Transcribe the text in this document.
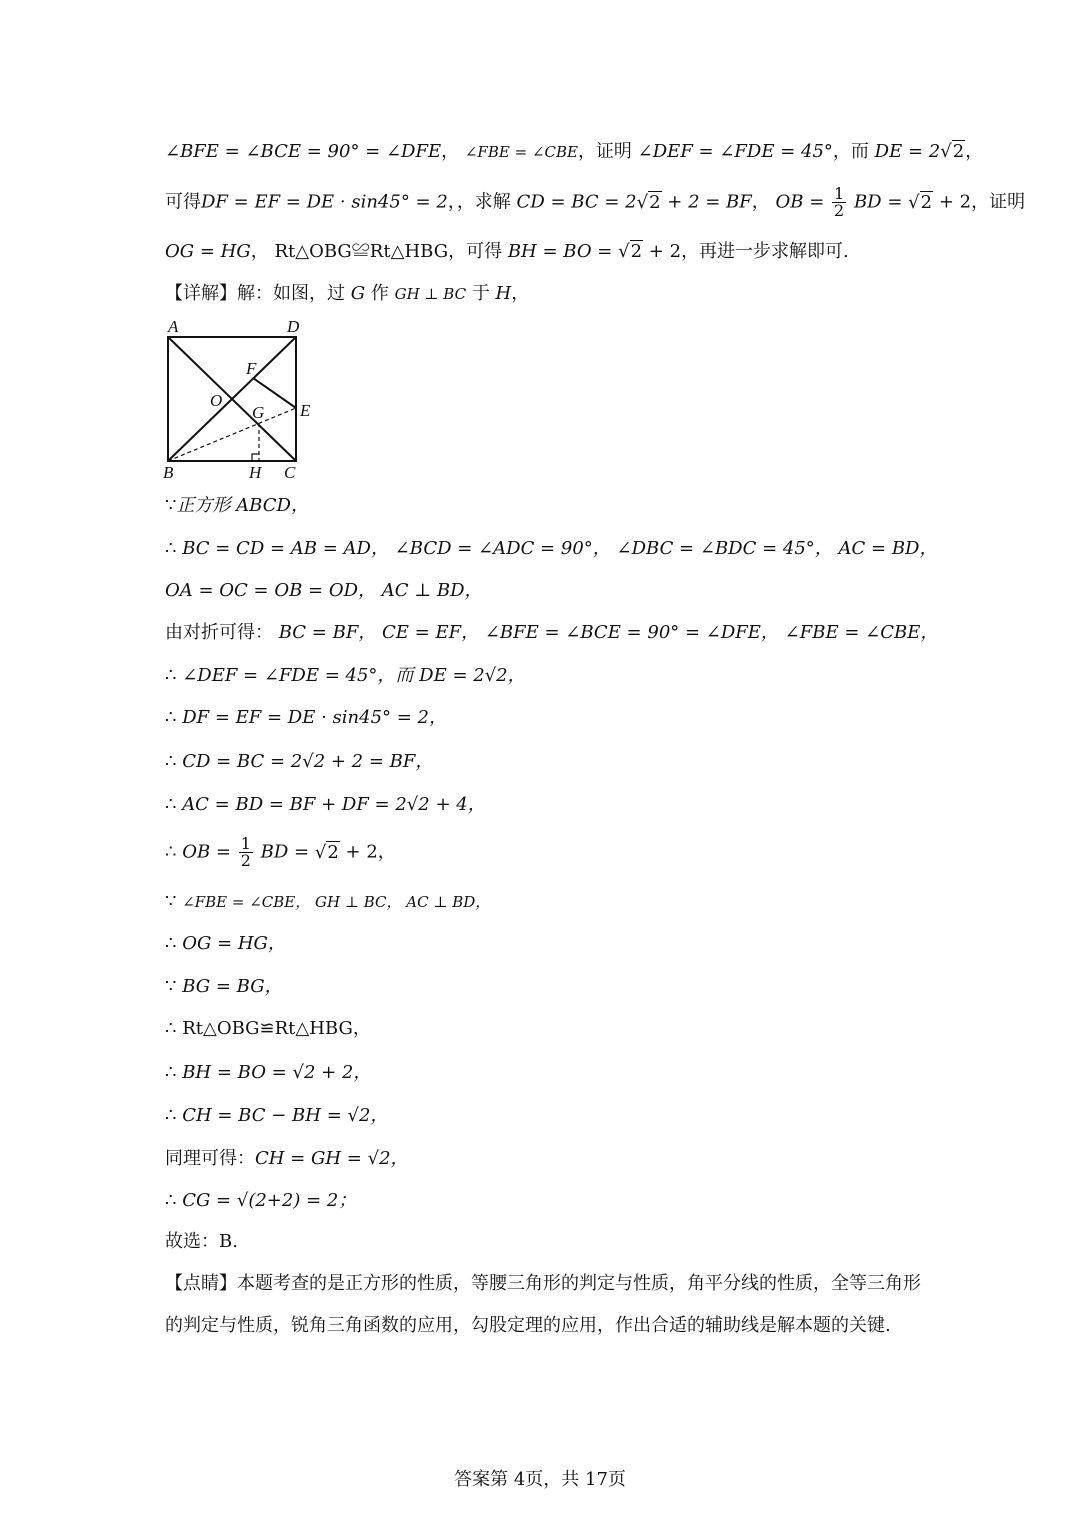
∠BFE = ∠BCE = 90° = ∠DFE， ∠FBE = ∠CBE，证明 ∠DEF = ∠FDE = 45°，而 DE = 2√2，
可得DF = EF = DE · sin45° = 2，，求解 CD = BC = 2√2 + 2 = BF， OB = $\frac{1}{2}$ BD = √2 + 2，证明
OG = HG， Rt△OBG≌Rt△HBG，可得 BH = BO = √2 + 2，再进一步求解即可.
【详解】解：如图，过 G 作 GH ⊥ BC 于 H，
A	D
F
O
G E
B	H C
∵正方形 ABCD，
∴ BC = CD = AB = AD， ∠BCD = ∠ADC = 90°， ∠DBC = ∠BDC = 45°， AC = BD，
OA = OC = OB = OD， AC ⊥ BD，
由对折可得： BC = BF， CE = EF， ∠BFE = ∠BCE = 90° = ∠DFE， ∠FBE = ∠CBE，
∴ ∠DEF = ∠FDE = 45°，而 DE = 2√2，
∴ DF = EF = DE · sin45° = 2，
∴ CD = BC = 2√2 + 2 = BF，
∴ AC = BD = BF + DF = 2√2 + 4，
∴ OB = $\frac{1}{2}$ BD = √2 + 2，
∵ ∠FBE = ∠CBE， GH ⊥ BC， AC ⊥ BD，
∴ OG = HG，
∵ BG = BG，
∴ Rt△OBG≌Rt△HBG，
∴ BH = BO = √2 + 2，
∴ CH = BC − BH = √2，
同理可得：CH = GH = √2，
∴ CG = √(2+2) = 2；
故选：B.
【点睛】本题考查的是正方形的性质，等腰三角形的判定与性质，角平分线的性质，全等三角形的判定与性质，锐角三角函数的应用，勾股定理的应用，作出合适的辅助线是解本题的关键.
答案第 4页，共 17页
